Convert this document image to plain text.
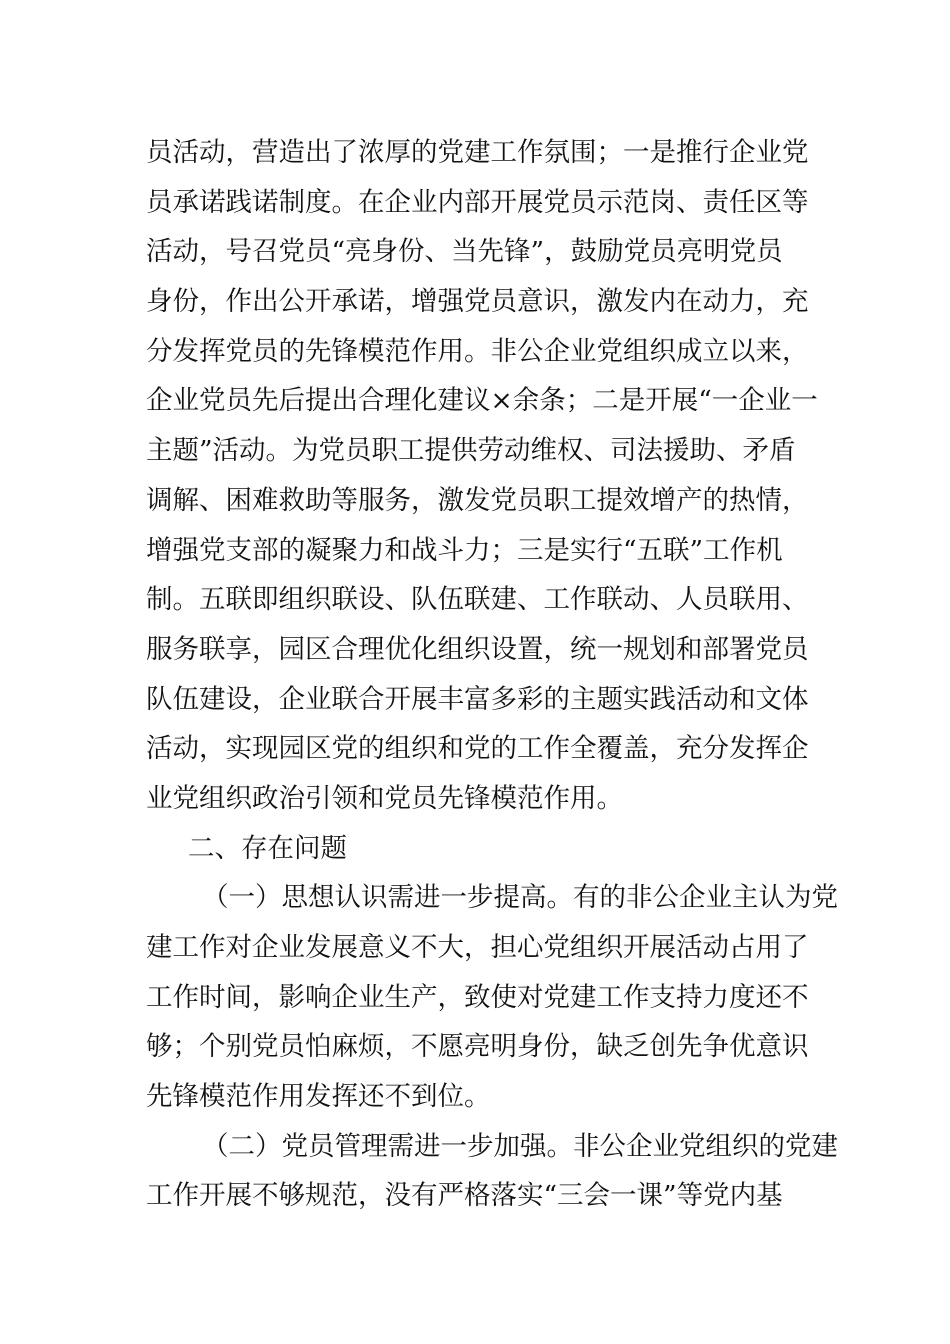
员活动，营造出了浓厚的党建工作氛围；一是推行企业党
员承诺践诺制度。在企业内部开展党员示范岗、责任区等
活动，号召党员“亮身份、当先锋”，鼓励党员亮明党员
身份，作出公开承诺，增强党员意识，激发内在动力，充
分发挥党员的先锋模范作用。非公企业党组织成立以来，
企业党员先后提出合理化建议×余条；二是开展“一企业一
主题”活动。为党员职工提供劳动维权、司法援助、矛盾
调解、困难救助等服务，激发党员职工提效增产的热情，
增强党支部的凝聚力和战斗力；三是实行“五联”工作机
制。五联即组织联设、队伍联建、工作联动、人员联用、
服务联享，园区合理优化组织设置，统一规划和部署党员
队伍建设，企业联合开展丰富多彩的主题实践活动和文体
活动，实现园区党的组织和党的工作全覆盖，充分发挥企
业党组织政治引领和党员先锋模范作用。
二、存在问题
（一）思想认识需进一步提高。有的非公企业主认为党
建工作对企业发展意义不大，担心党组织开展活动占用了
工作时间，影响企业生产，致使对党建工作支持力度还不
够；个别党员怕麻烦，不愿亮明身份，缺乏创先争优意识
先锋模范作用发挥还不到位。
（二）党员管理需进一步加强。非公企业党组织的党建
工作开展不够规范，没有严格落实“三会一课”等党内基
